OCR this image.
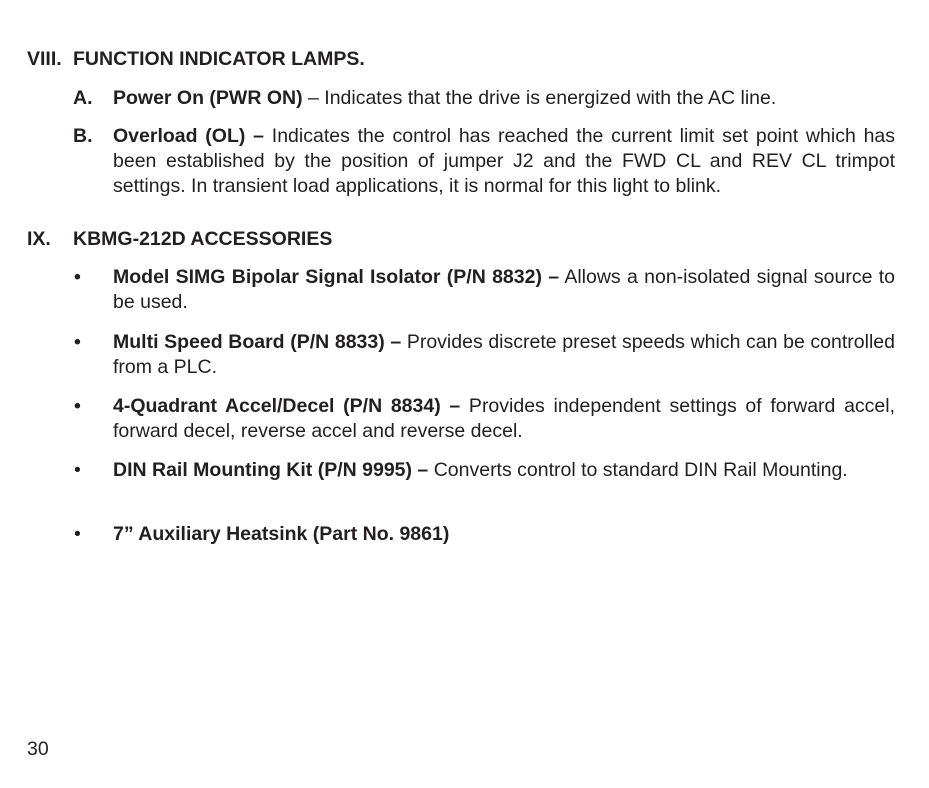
VIII. FUNCTION INDICATOR LAMPS.
A. Power On (PWR ON) – Indicates that the drive is energized with the AC line.
B. Overload (OL) – Indicates the control has reached the current limit set point which has been established by the position of jumper J2 and the FWD CL and REV CL trimpot settings. In transient load applications, it is normal for this light to blink.
IX. KBMG-212D ACCESSORIES
• Model SIMG Bipolar Signal Isolator (P/N 8832) – Allows a non-isolated signal source to be used.
• Multi Speed Board (P/N 8833) – Provides discrete preset speeds which can be controlled from a PLC.
• 4-Quadrant Accel/Decel (P/N 8834) – Provides independent settings of forward accel, forward decel, reverse accel and reverse decel.
• DIN Rail Mounting Kit (P/N 9995) – Converts control to standard DIN Rail Mounting.
• 7” Auxiliary Heatsink (Part No. 9861)
30
